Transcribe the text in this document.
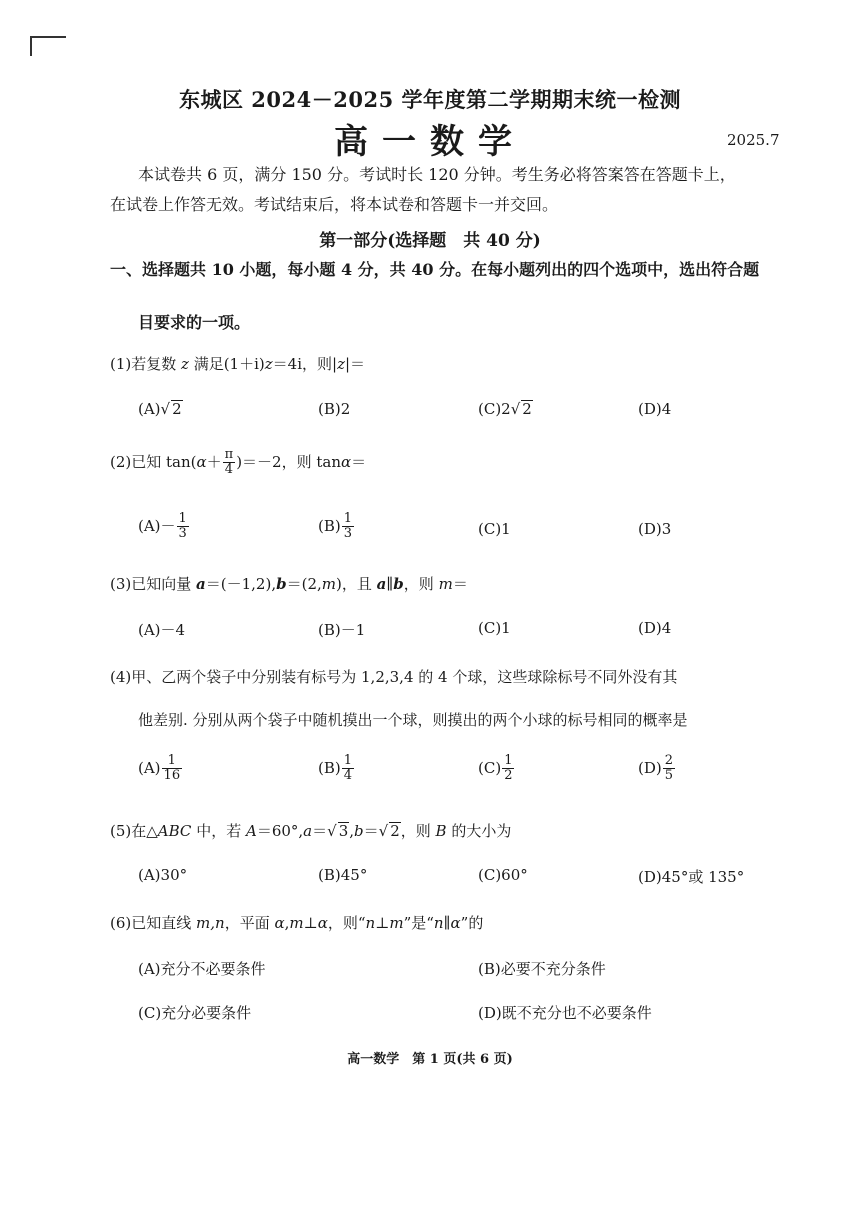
东城区 2024－2025 学年度第二学期期末统一检测
高一数学	2025.7
本试卷共 6 页，满分 150 分。考试时长 120 分钟。考生务必将答案答在答题卡上，
在试卷上作答无效。考试结束后，将本试卷和答题卡一并交回。
第一部分(选择题　共 40 分)
一、选择题共 10 小题，每小题 4 分，共 40 分。在每小题列出的四个选项中，选出符合题
目要求的一项。
(1)若复数 z 满足(1＋i)z＝4i，则|z|＝
(A)√ 2	(B)2	(C)2√ 2	(D)4
(2)已知 $\tan(\alpha+ \frac{\pi}{4} )=-2$，则 tanα＝
$(A)- \frac{1}{3}$	$(B) \frac{1}{3}$	(C)1	(D)3
(3)已知向量 a＝(－1,2),b＝(2,m)，且 a∥b，则 m＝
(A)－4	(B)－1	(C)1	(D)4
(4)甲、乙两个袋子中分别装有标号为 1,2,3,4 的 4 个球，这些球除标号不同外没有其
他差别. 分别从两个袋子中随机摸出一个球，则摸出的两个小球的标号相同的概率是
$(A) \frac{1}{16}$	$(B) \frac{1}{4}$	$(C) \frac{1}{2}$	$(D) \frac{2}{5}$
(5)在△ABC 中，若 A＝60°,a＝√ 3,b＝√ 2，则 B 的大小为
(A)30°	(B)45°	(C)60°	(D)45°或 135°
(6)已知直线 m,n，平面 α,m⊥α，则“n⊥m”是“n∥α”的
(A)充分不必要条件	(B)必要不充分条件
(C)充分必要条件	(D)既不充分也不必要条件
高一数学　第 1 页(共 6 页)
